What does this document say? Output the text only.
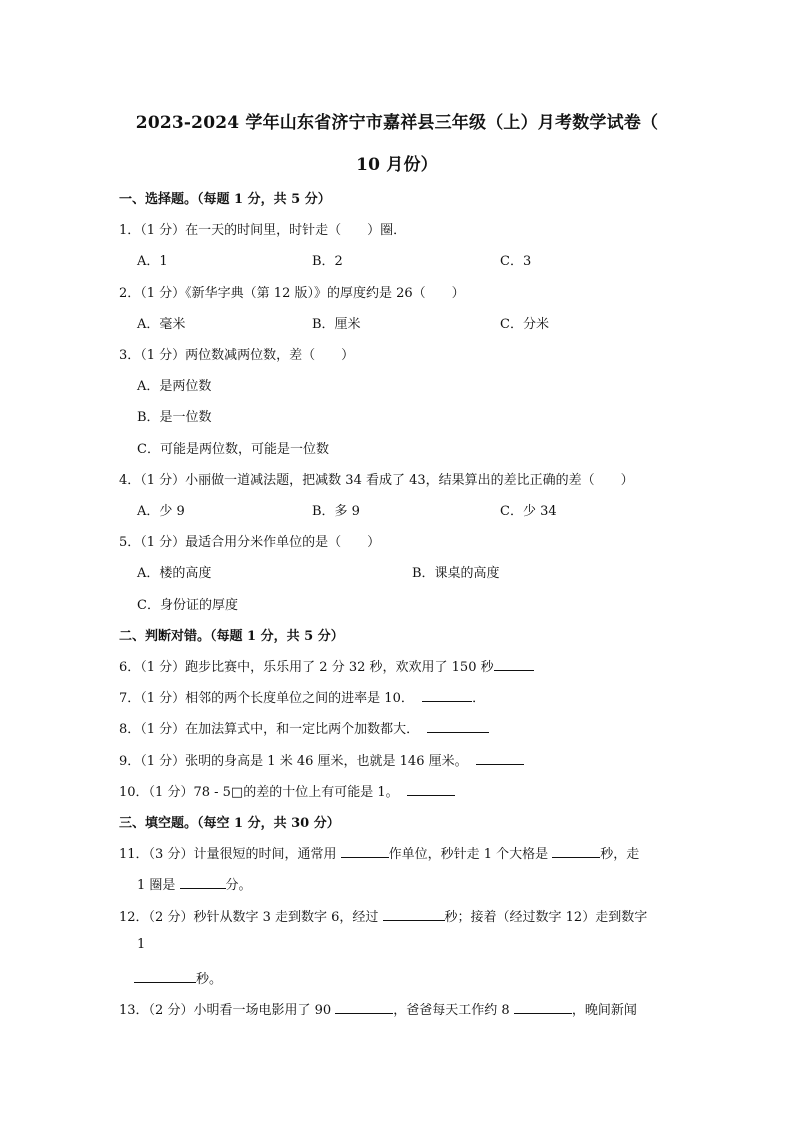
2023-2024 学年山东省济宁市嘉祥县三年级（上）月考数学试卷（
10 月份）
一、选择题。（每题 1 分，共 5 分）
1．（1 分）在一天的时间里，时针走（　　）圈．
A．1	B．2	C．3
2．（1 分）《新华字典（第 12 版）》的厚度约是 26（　　）
A．毫米	B．厘米	C．分米
3．（1 分）两位数减两位数，差（　　）
A．是两位数
B．是一位数
C．可能是两位数，可能是一位数
4．（1 分）小丽做一道减法题，把减数 34 看成了 43，结果算出的差比正确的差（　　）
A．少 9	B．多 9	C．少 34
5．（1 分）最适合用分米作单位的是（　　）
A．楼的高度	B．课桌的高度
C．身份证的厚度
二、判断对错。（每题 1 分，共 5 分）
6．（1 分）跑步比赛中，乐乐用了 2 分 32 秒，欢欢用了 150 秒
7．（1 分）相邻的两个长度单位之间的进率是 10．	．
8．（1 分）在加法算式中，和一定比两个加数都大．
9．（1 分）张明的身高是 1 米 46 厘米，也就是 146 厘米。
10．（1 分）78 - 5□的差的十位上有可能是 1。
三、填空题。（每空 1 分，共 30 分）
11．（3 分）计量很短的时间，通常用	作单位，秒针走 1 个大格是	秒，走
1 圈是	分。
12．（2 分）秒针从数字 3 走到数字 6，经过	秒；接着（经过数字 12）走到数字
1
秒。
13．（2 分）小明看一场电影用了 90	，爸爸每天工作约 8	，晚间新闻
